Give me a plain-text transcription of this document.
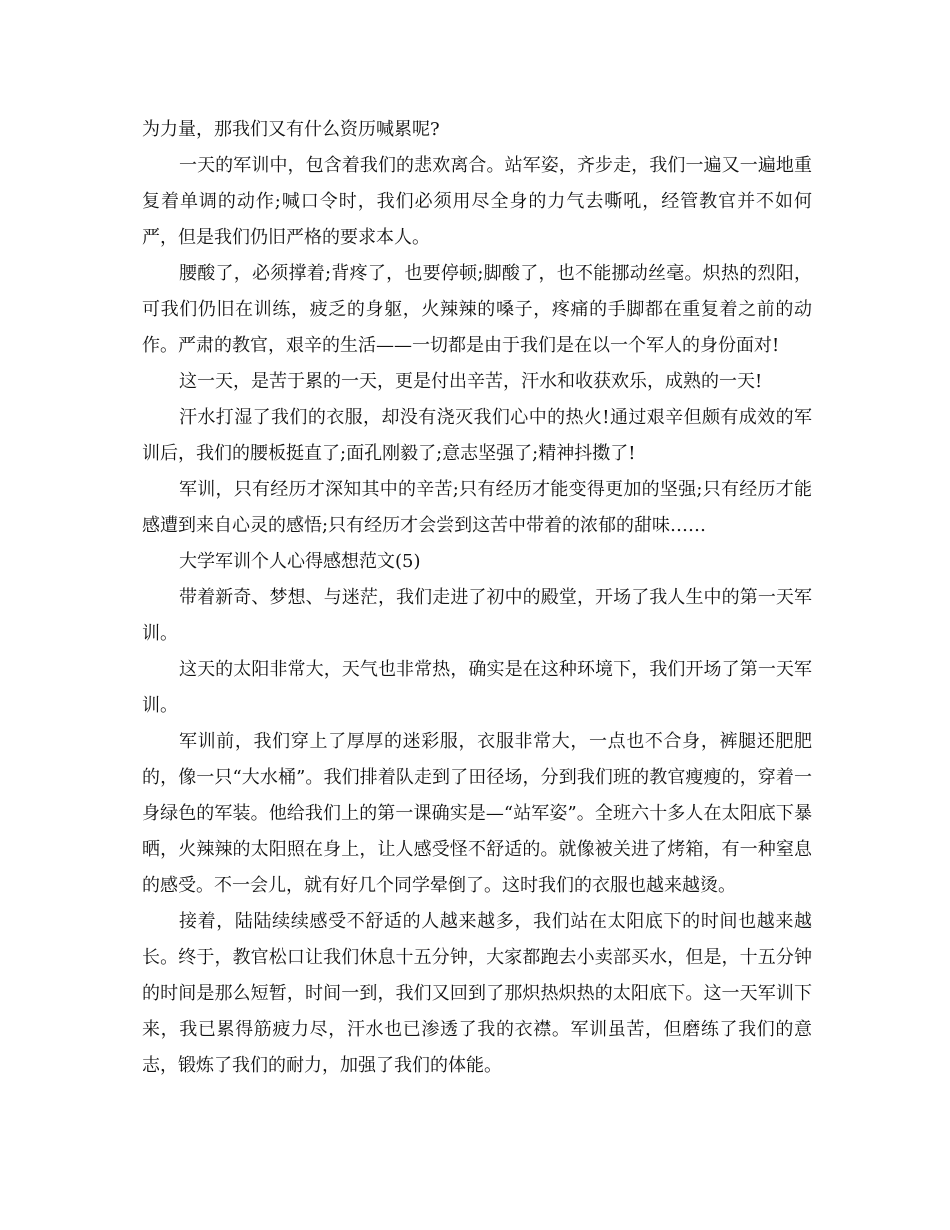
为力量，那我们又有什么资历喊累呢?

一天的军训中，包含着我们的悲欢离合。站军姿，齐步走，我们一遍又一遍地重复着单调的动作;喊口令时，我们必须用尽全身的力气去嘶吼，经管教官并不如何严，但是我们仍旧严格的要求本人。

腰酸了，必须撑着;背疼了，也要停顿;脚酸了，也不能挪动丝毫。炽热的烈阳，可我们仍旧在训练，疲乏的身躯，火辣辣的嗓子，疼痛的手脚都在重复着之前的动作。严肃的教官，艰辛的生活——一切都是由于我们是在以一个军人的身份面对!

这一天，是苦于累的一天，更是付出辛苦，汗水和收获欢乐，成熟的一天!

汗水打湿了我们的衣服，却没有浇灭我们心中的热火!通过艰辛但颇有成效的军训后，我们的腰板挺直了;面孔刚毅了;意志坚强了;精神抖擞了!

军训，只有经历才深知其中的辛苦;只有经历才能变得更加的坚强;只有经历才能感遭到来自心灵的感悟;只有经历才会尝到这苦中带着的浓郁的甜味……

大学军训个人心得感想范文(5)

带着新奇、梦想、与迷茫，我们走进了初中的殿堂，开场了我人生中的第一天军训。

这天的太阳非常大，天气也非常热，确实是在这种环境下，我们开场了第一天军训。

军训前，我们穿上了厚厚的迷彩服，衣服非常大，一点也不合身，裤腿还肥肥的，像一只“大水桶”。我们排着队走到了田径场，分到我们班的教官瘦瘦的，穿着一身绿色的军装。他给我们上的第一课确实是—“站军姿”。全班六十多人在太阳底下暴晒，火辣辣的太阳照在身上，让人感受怪不舒适的。就像被关进了烤箱，有一种窒息的感受。不一会儿，就有好几个同学晕倒了。这时我们的衣服也越来越烫。

接着，陆陆续续感受不舒适的人越来越多，我们站在太阳底下的时间也越来越长。终于，教官松口让我们休息十五分钟，大家都跑去小卖部买水，但是，十五分钟的时间是那么短暂，时间一到，我们又回到了那炽热炽热的太阳底下。这一天军训下来，我已累得筋疲力尽，汗水也已渗透了我的衣襟。军训虽苦，但磨练了我们的意志，锻炼了我们的耐力，加强了我们的体能。
